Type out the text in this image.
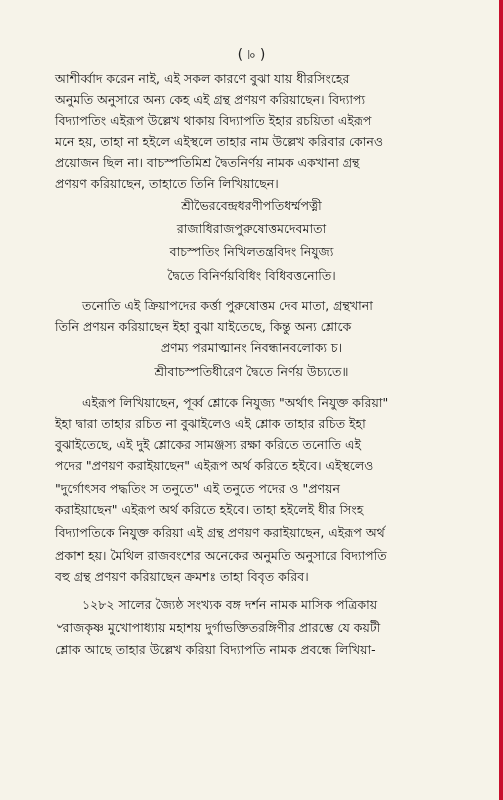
( ৷৹ )
আশীর্ব্বাদ করেন নাই, এই সকল কারণে বুঝা যায় ধীরসিংহের
অনুমতি অনুসারে অন্য কেহ এই গ্রন্থ প্রণয়ণ করিয়াছেন। বিদ্যাপ্য
বিদ্যাপতিং এইরূপ উল্লেখ থাকায় বিদ্যাপতি ইহার রচয়িতা এইরূপ
মনে হয়, তাহা না হইলে এইস্থলে তাহার নাম উল্লেখ করিবার কোনও
প্রয়োজন ছিল না। বাচস্পতিমিশ্র দ্বৈতনির্ণয় নামক একখানা গ্রন্থ
প্রণয়ণ করিয়াছেন, তাহাতে তিনি লিখিয়াছেন।
শ্রীভৈরবেন্দ্রধরণীপতিধর্ম্মপত্নী
রাজাধিরাজপুরুষোত্তমদেবমাতা
বাচস্পতিং নিখিলতন্ত্রবিদং নিযুজ্য
দ্বৈতে বিনির্ণয়বিধিং বিধিবত্তনোতি।
তনোতি এই ক্রিয়াপদের কর্ত্তা পুরুষোত্তম দেব মাতা, গ্রন্থখানা
তিনি প্রণয়ন করিয়াছেন ইহা বুঝা যাইতেছে, কিন্তু অন্য শ্লোকে
প্রণম্য পরমাত্মানং নিবন্ধানবলোক্য চ।
শ্রীবাচস্পতিধীরেণ দ্বৈতে নির্ণয় উচ্যতে॥
এইরূপ লিখিয়াছেন, পূর্ব্ব শ্লোকে নিযুজ্য "অর্থাৎ নিযুক্ত করিয়া"
ইহা দ্বারা তাহার রচিত না বুঝাইলেও এই শ্লোক তাহার রচিত ইহা
বুঝাইতেছে, এই দুই শ্লোকের সামঞ্জস্য রক্ষা করিতে তনোতি এই
পদের "প্রণয়ণ করাইয়াছেন" এইরূপ অর্থ করিতে হইবে। এইস্থলেও
"দুর্গোৎসব পদ্ধতিং স তনুতে" এই তনুতে পদের ও "প্রণয়ন
করাইয়াছেন" এইরূপ অর্থ করিতে হইবে। তাহা হইলেই ধীর সিংহ
বিদ্যাপতিকে নিযুক্ত করিয়া এই গ্রন্থ প্রণয়ণ করাইয়াছেন, এইরূপ অর্থ
প্রকাশ হয়। মৈথিল রাজবংশের অনেকের অনুমতি অনুসারে বিদ্যাপতি
বহু গ্রন্থ প্রণয়ণ করিয়াছেন ক্রমশঃ তাহা বিবৃত করিব।
১২৮২ সালের জ্যৈষ্ঠ সংখ্যক বঙ্গ দর্শন নামক মাসিক পত্রিকায়
৺রাজকৃষ্ণ মুখোপাধ্যায় মহাশয় দুর্গাভক্তিতরঙ্গিণীর প্রারম্ভে যে কয়টী
শ্লোক আছে তাহার উল্লেখ করিয়া বিদ্যাপতি নামক প্রবন্ধে লিখিয়া-
